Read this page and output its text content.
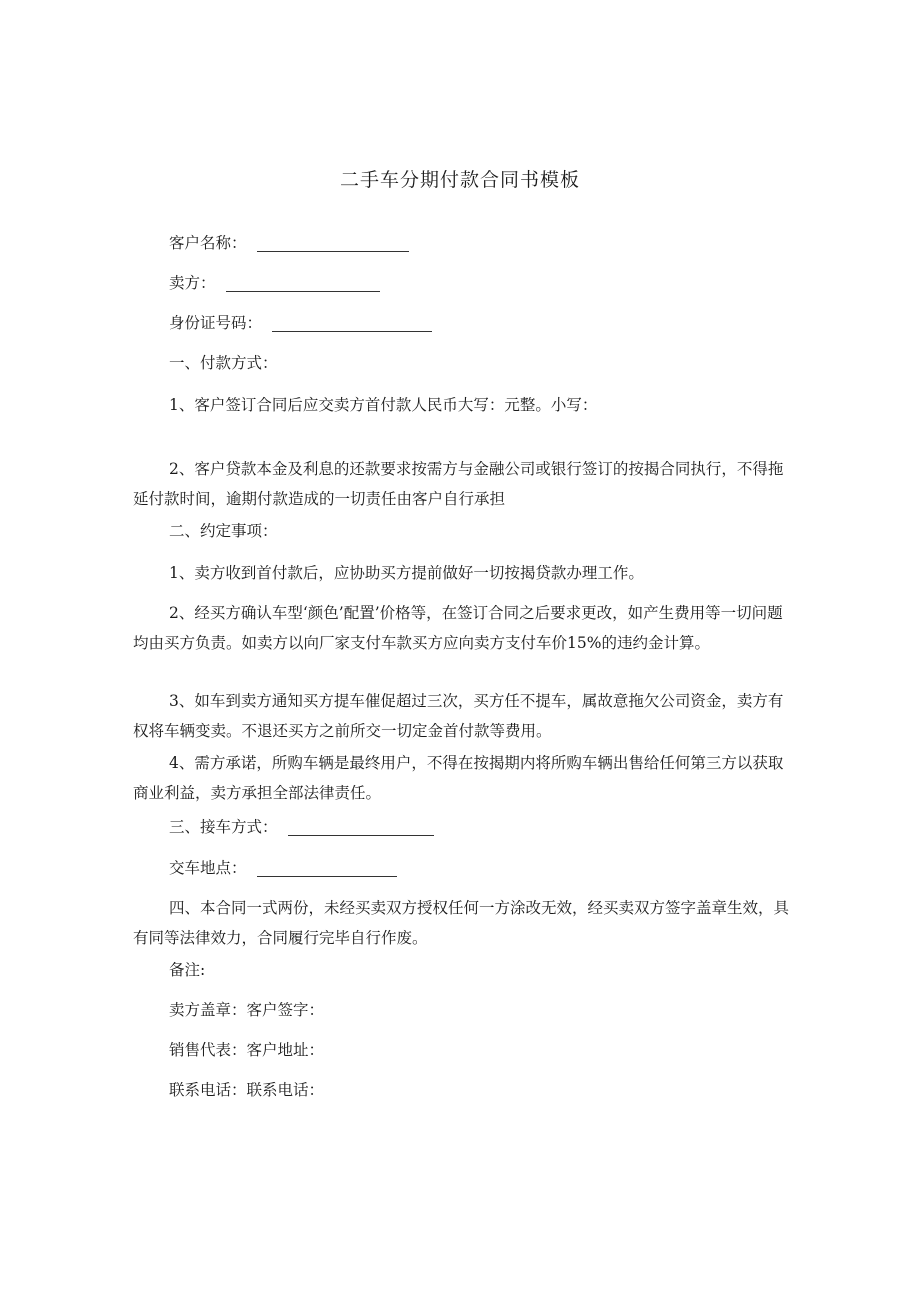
二手车分期付款合同书模板

客户名称：

卖方：

身份证号码：

一、付款方式：

1、客户签订合同后应交卖方首付款人民币大写：元整。小写：

2、客户贷款本金及利息的还款要求按需方与金融公司或银行签订的按揭合同执行，不得拖延付款时间，逾期付款造成的一切责任由客户自行承担

二、约定事项：

1、卖方收到首付款后，应协助买方提前做好一切按揭贷款办理工作。

2、经买方确认车型‘颜色’配置’价格等，在签订合同之后要求更改，如产生费用等一切问题均由买方负责。如卖方以向厂家支付车款买方应向卖方支付车价15%的违约金计算。

3、如车到卖方通知买方提车催促超过三次，买方任不提车，属故意拖欠公司资金，卖方有权将车辆变卖。不退还买方之前所交一切定金首付款等费用。

4、需方承诺，所购车辆是最终用户，不得在按揭期内将所购车辆出售给任何第三方以获取商业利益，卖方承担全部法律责任。

三、接车方式：

交车地点：

四、本合同一式两份，未经买卖双方授权任何一方涂改无效，经买卖双方签字盖章生效，具有同等法律效力，合同履行完毕自行作废。

备注:

卖方盖章：客户签字：

销售代表：客户地址：

联系电话：联系电话：
